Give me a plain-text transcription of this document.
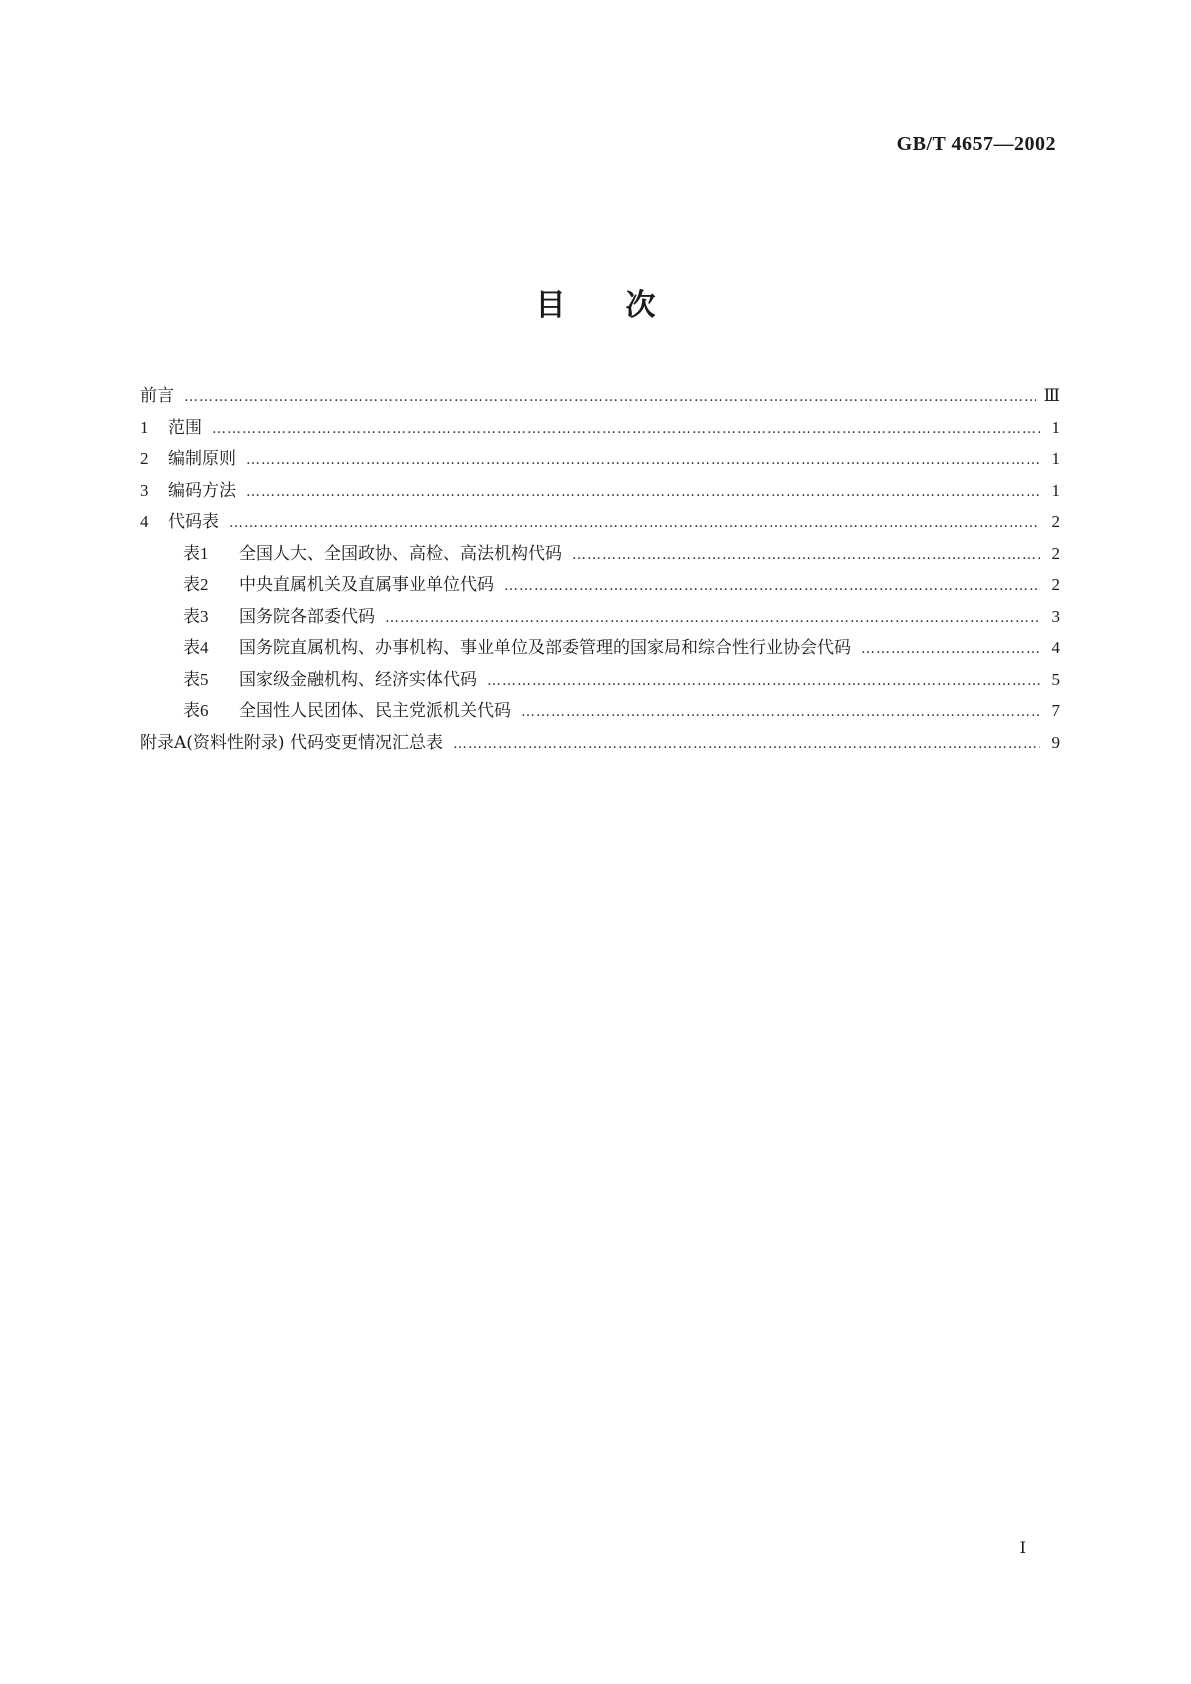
GB/T 4657—2002
目次
前言 …………………………………………………………………………………………………………………………………………………………………………………………………………………………………………………………………	Ⅲ
1	范围 …………………………………………………………………………………………………………………………………………………………………………………………………………………………………………………………………	1
2	编制原则 …………………………………………………………………………………………………………………………………………………………………………………………………………………………………………………………………	1
3	编码方法 …………………………………………………………………………………………………………………………………………………………………………………………………………………………………………………………………	1
4	代码表 …………………………………………………………………………………………………………………………………………………………………………………………………………………………………………………………………	2
表1	全国人大、全国政协、高检、高法机构代码 …………………………………………………………………………………………………………………………………………………………………………………………………………………………………………………………………	2
表2	中央直属机关及直属事业单位代码 …………………………………………………………………………………………………………………………………………………………………………………………………………………………………………………………………	2
表3	国务院各部委代码 …………………………………………………………………………………………………………………………………………………………………………………………………………………………………………………………………	3
表4	国务院直属机构、办事机构、事业单位及部委管理的国家局和综合性行业协会代码 …………………………………………………………………………………………………………………………………………………………………………………………………………………………………………………………………	4
表5	国家级金融机构、经济实体代码 …………………………………………………………………………………………………………………………………………………………………………………………………………………………………………………………………	5
表6	全国性人民团体、民主党派机关代码 …………………………………………………………………………………………………………………………………………………………………………………………………………………………………………………………………	7
附录A(资料性附录) 代码变更情况汇总表 …………………………………………………………………………………………………………………………………………………………………………………………………………………………………………………………………	9
Ⅰ
